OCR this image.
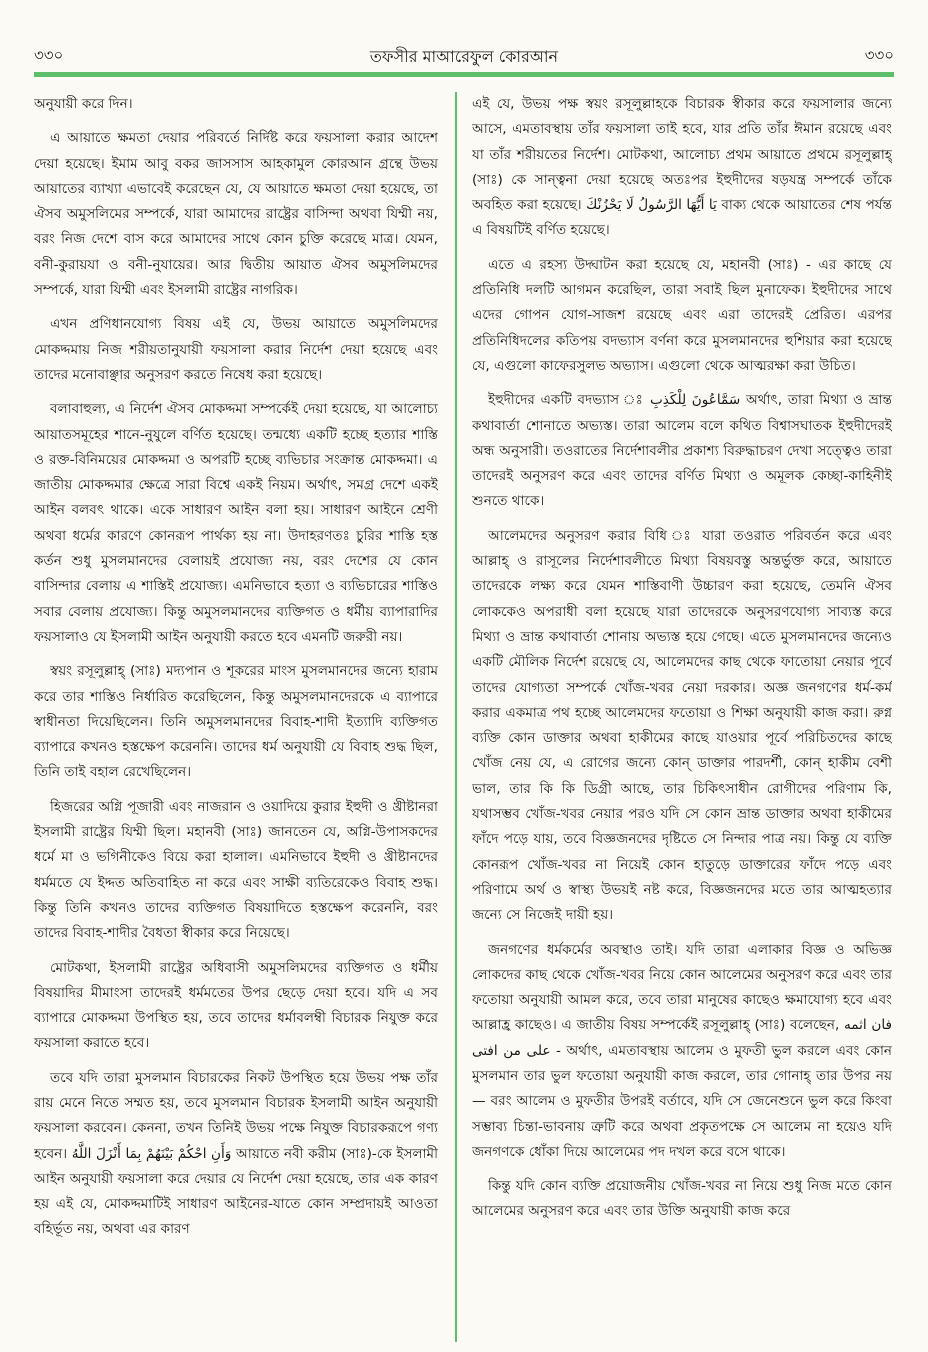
৩৩০	তফসীর মাআরেফুল কোরআন	৩৩০

অনুযায়ী করে দিন।

এ আয়াতে ক্ষমতা দেয়ার পরিবর্তে নির্দিষ্ট করে ফয়সালা করার আদেশ দেয়া হয়েছে। ইমাম আবু বকর জাসসাস আহকামুল কোরআন গ্রন্থে উভয় আয়াতের ব্যাখ্যা এভাবেই করেছেন যে, যে আয়াতে ক্ষমতা দেয়া হয়েছে, তা ঐসব অমুসলিমের সম্পর্কে, যারা আমাদের রাষ্ট্রের বাসিন্দা অথবা যিম্মী নয়, বরং নিজ দেশে বাস করে আমাদের সাথে কোন চুক্তি করেছে মাত্র। যেমন, বনী-কুরায়যা ও বনী-নুযায়ের। আর দ্বিতীয় আয়াত ঐসব অমুসলিমদের সম্পর্কে, যারা যিম্মী এবং ইসলামী রাষ্ট্রের নাগরিক।

এখন প্রণিধানযোগ্য বিষয় এই যে, উভয় আয়াতে অমুসলিমদের মোকদ্দমায় নিজ শরীয়তানুযায়ী ফয়সালা করার নির্দেশ দেয়া হয়েছে এবং তাদের মনোবাঞ্ছার অনুসরণ করতে নিষেধ করা হয়েছে।

বলাবাহুল্য, এ নির্দেশ ঐসব মোকদ্দমা সম্পর্কেই দেয়া হয়েছে, যা আলোচ্য আয়াতসমূহের শানে-নুযুলে বর্ণিত হয়েছে। তন্মধ্যে একটি হচ্ছে হত্যার শাস্তি ও রক্ত-বিনিময়ের মোকদ্দমা ও অপরটি হচ্ছে ব্যভিচার সংক্রান্ত মোকদ্দমা। এ জাতীয় মোকদ্দমার ক্ষেত্রে সারা বিশ্বে একই নিয়ম। অর্থাৎ, সমগ্র দেশে একই আইন বলবৎ থাকে। একে সাধারণ আইন বলা হয়। সাধারণ আইনে শ্রেণী অথবা ধর্মের কারণে কোনরূপ পার্থক্য হয় না। উদাহরণতঃ চুরির শাস্তি হস্ত কর্তন শুধু মুসলমানদের বেলায়ই প্রযোজ্য নয়, বরং দেশের যে কোন বাসিন্দার বেলায় এ শাস্তিই প্রযোজ্য। এমনিভাবে হত্যা ও ব্যভিচারের শাস্তিও সবার বেলায় প্রযোজ্য। কিন্তু অমুসলমানদের ব্যক্তিগত ও ধর্মীয় ব্যাপারাদির ফয়সালাও যে ইসলামী আইন অনুযায়ী করতে হবে এমনটি জরুরী নয়।

স্বয়ং রসূলুল্লাহ্ (সাঃ) মদ্যপান ও শূকরের মাংস মুসলমানদের জন্যে হারাম করে তার শাস্তিও নির্ধারিত করেছিলেন, কিন্তু অমুসলমানদেরকে এ ব্যাপারে স্বাধীনতা দিয়েছিলেন। তিনি অমুসলমানদের বিবাহ-শাদী ইত্যাদি ব্যক্তিগত ব্যাপারে কখনও হস্তক্ষেপ করেননি। তাদের ধর্ম অনুযায়ী যে বিবাহ শুদ্ধ ছিল, তিনি তাই বহাল রেখেছিলেন।

হিজরের অগ্নি পূজারী এবং নাজরান ও ওয়াদিয়ে কুরার ইহুদী ও খ্রীষ্টানরা ইসলামী রাষ্ট্রের যিম্মী ছিল। মহানবী (সাঃ) জানতেন যে, অগ্নি-উপাসকদের ধর্মে মা ও ভগিনীকেও বিয়ে করা হালাল। এমনিভাবে ইহুদী ও খ্রীষ্টানদের ধর্মমতে যে ইদ্দত অতিবাহিত না করে এবং সাক্ষী ব্যতিরেকেও বিবাহ শুদ্ধ। কিন্তু তিনি কখনও তাদের ব্যক্তিগত বিষয়াদিতে হস্তক্ষেপ করেননি, বরং তাদের বিবাহ-শাদীর বৈধতা স্বীকার করে নিয়েছে।

মোটকথা, ইসলামী রাষ্ট্রের অধিবাসী অমুসলিমদের ব্যক্তিগত ও ধর্মীয় বিষয়াদির মীমাংসা তাদেরই ধর্মমতের উপর ছেড়ে দেয়া হবে। যদি এ সব ব্যাপারে মোকদ্দমা উপস্থিত হয়, তবে তাদের ধর্মাবলম্বী বিচারক নিযুক্ত করে ফয়সালা করাতে হবে।

তবে যদি তারা মুসলমান বিচারকের নিকট উপস্থিত হয়ে উভয় পক্ষ তাঁর রায় মেনে নিতে সম্মত হয়, তবে মুসলমান বিচারক ইসলামী আইন অনুযায়ী ফয়সালা করবেন। কেননা, তখন তিনিই উভয় পক্ষে নিযুক্ত বিচারকরূপে গণ্য হবেন। وَأَنِ احْكُمْ بَيْنَهُمْ بِمَا أَنْزَلَ اللَّهُ আয়াতে নবী করীম (সাঃ)-কে ইসলামী আইন অনুযায়ী ফয়সালা করে দেয়ার যে নির্দেশ দেয়া হয়েছে, তার এক কারণ হয় এই যে, মোকদ্দমাটিই সাধারণ আইনের-যাতে কোন সম্প্রদায়ই আওতা বহির্ভূত নয়, অথবা এর কারণ

এই যে, উভয় পক্ষ স্বয়ং রসূলুল্লাহকে বিচারক স্বীকার করে ফয়সালার জন্যে আসে, এমতাবস্থায় তাঁর ফয়সালা তাই হবে, যার প্রতি তাঁর ঈমান রয়েছে এবং যা তাঁর শরীয়তের নির্দেশ। মোটকথা, আলোচ্য প্রথম আয়াতে প্রথমে রসূলুল্লাহ্ (সাঃ) কে সান্ত্বনা দেয়া হয়েছে অতঃপর ইহুদীদের ষড়যন্ত্র সম্পর্কে তাঁকে অবহিত করা হয়েছে। يَا أَيُّهَا الرَّسُولُ لَا يَحْزُنْكَ বাক্য থেকে আয়াতের শেষ পর্যন্ত এ বিষয়টিই বর্ণিত হয়েছে।

এতে এ রহস্য উদ্ঘাটন করা হয়েছে যে, মহানবী (সাঃ) - এর কাছে যে প্রতিনিধি দলটি আগমন করেছিল, তারা সবাই ছিল মুনাফেক। ইহুদীদের সাথে এদের গোপন যোগ-সাজশ রয়েছে এবং এরা তাদেরই প্রেরিত। এরপর প্রতিনিধিদলের কতিপয় বদভ্যাস বর্ণনা করে মুসলমানদের হুশিয়ার করা হয়েছে যে, এগুলো কাফেরসুলভ অভ্যাস। এগুলো থেকে আত্মরক্ষা করা উচিত।

ইহুদীদের একটি বদভ্যাস ঃ سَمَّاعُونَ لِلْكَذِبِ অর্থাৎ, তারা মিথ্যা ও ভ্রান্ত কথাবার্তা শোনাতে অভ্যস্ত। তারা আলেম বলে কথিত বিশ্বাসঘাতক ইহুদীদেরই অন্ধ অনুসারী। তওরাতের নির্দেশাবলীর প্রকাশ্য বিরুদ্ধাচরণ দেখা সত্ত্বেও তারা তাদেরই অনুসরণ করে এবং তাদের বর্ণিত মিথ্যা ও অমূলক কেচ্ছা-কাহিনীই শুনতে থাকে।

আলেমদের অনুসরণ করার বিধি ঃ যারা তওরাত পরিবর্তন করে এবং আল্লাহ্ ও রাসূলের নির্দেশাবলীতে মিথ্যা বিষয়বস্তু অন্তর্ভুক্ত করে, আয়াতে তাদেরকে লক্ষ্য করে যেমন শাস্তিবাণী উচ্চারণ করা হয়েছে, তেমনি ঐসব লোককেও অপরাধী বলা হয়েছে যারা তাদেরকে অনুসরণযোগ্য সাব্যস্ত করে মিথ্যা ও ভ্রান্ত কথাবার্তা শোনায় অভ্যস্ত হয়ে গেছে। এতে মুসলমানদের জন্যেও একটি মৌলিক নির্দেশ রয়েছে যে, আলেমদের কাছ থেকে ফাতোয়া নেয়ার পূর্বে তাদের যোগ্যতা সম্পর্কে খোঁজ-খবর নেয়া দরকার। অজ্ঞ জনগণের ধর্ম-কর্ম করার একমাত্র পথ হচ্ছে আলেমদের ফতোয়া ও শিক্ষা অনুযায়ী কাজ করা। রুগ্ন ব্যক্তি কোন ডাক্তার অথবা হাকীমের কাছে যাওয়ার পূর্বে পরিচিতদের কাছে খোঁজ নেয় যে, এ রোগের জন্যে কোন্ ডাক্তার পারদর্শী, কোন্ হাকীম বেশী ভাল, তার কি কি ডিগ্রী আছে, তার চিকিৎসাধীন রোগীদের পরিণাম কি, যথাসম্ভব খোঁজ-খবর নেয়ার পরও যদি সে কোন ভ্রান্ত ডাক্তার অথবা হাকীমের ফাঁদে পড়ে যায়, তবে বিজ্ঞজনদের দৃষ্টিতে সে নিন্দার পাত্র নয়। কিন্তু যে ব্যক্তি কোনরূপ খোঁজ-খবর না নিয়েই কোন হাতুড়ে ডাক্তারের ফাঁদে পড়ে এবং পরিণামে অর্থ ও স্বাস্থ্য উভয়ই নষ্ট করে, বিজ্ঞজনদের মতে তার আত্মহত্যার জন্যে সে নিজেই দায়ী হয়।

জনগণের ধর্মকর্মের অবস্থাও তাই। যদি তারা এলাকার বিজ্ঞ ও অভিজ্ঞ লোকদের কাছ থেকে খোঁজ-খবর নিয়ে কোন আলেমের অনুসরণ করে এবং তার ফতোয়া অনুযায়ী আমল করে, তবে তারা মানুষের কাছেও ক্ষমাযোগ্য হবে এবং আল্লাহ্র কাছেও। এ জাতীয় বিষয় সম্পর্কেই রসূলুল্লাহ্ (সাঃ) বলেছেন, فان اثمه على من افتى - অর্থাৎ, এমতাবস্থায় আলেম ও মুফতী ভুল করলে এবং কোন মুসলমান তার ভুল ফতোয়া অনুযায়ী কাজ করলে, তার গোনাহ্ তার উপর নয়— বরং আলেম ও মুফতীর উপরই বর্তাবে, যদি সে জেনেশুনে ভুল করে কিংবা সম্ভাব্য চিন্তা-ভাবনায় ত্রুটি করে অথবা প্রকৃতপক্ষে সে আলেম না হয়েও যদি জনগণকে ধোঁকা দিয়ে আলেমের পদ দখল করে বসে থাকে।

কিন্তু যদি কোন ব্যক্তি প্রয়োজনীয় খোঁজ-খবর না নিয়ে শুধু নিজ মতে কোন আলেমের অনুসরণ করে এবং তার উক্তি অনুযায়ী কাজ করে
